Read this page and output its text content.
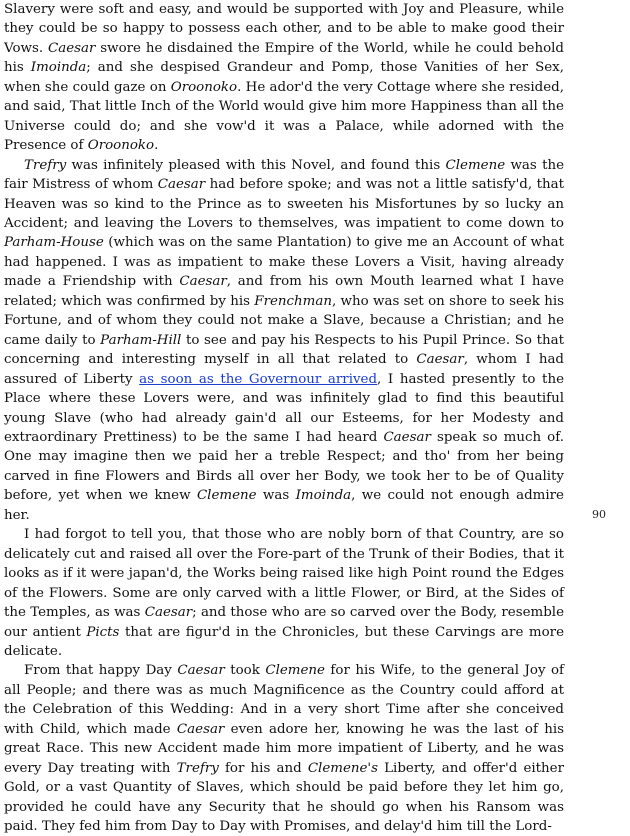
Slavery were soft and easy, and would be supported with Joy and Pleasure, while they could be so happy to possess each other, and to be able to make good their Vows. Caesar swore he disdained the Empire of the World, while he could behold his Imoinda; and she despised Grandeur and Pomp, those Vanities of her Sex, when she could gaze on Oroonoko. He ador'd the very Cottage where she resided, and said, That little Inch of the World would give him more Happiness than all the Universe could do; and she vow'd it was a Palace, while adorned with the Presence of Oroonoko.

Trefry was infinitely pleased with this Novel, and found this Clemene was the fair Mistress of whom Caesar had before spoke; and was not a little satisfy'd, that Heaven was so kind to the Prince as to sweeten his Misfortunes by so lucky an Accident; and leaving the Lovers to themselves, was impatient to come down to Parham-House (which was on the same Plantation) to give me an Account of what had happened. I was as impatient to make these Lovers a Visit, having already made a Friendship with Caesar, and from his own Mouth learned what I have related; which was confirmed by his Frenchman, who was set on shore to seek his Fortune, and of whom they could not make a Slave, because a Christian; and he came daily to Parham-Hill to see and pay his Respects to his Pupil Prince. So that concerning and interesting myself in all that related to Caesar, whom I had assured of Liberty as soon as the Governour arrived, I hasted presently to the Place where these Lovers were, and was infinitely glad to find this beautiful young Slave (who had already gain'd all our Esteems, for her Modesty and extraordinary Prettiness) to be the same I had heard Caesar speak so much of. One may imagine then we paid her a treble Respect; and tho' from her being carved in fine Flowers and Birds all over her Body, we took her to be of Quality before, yet when we knew Clemene was Imoinda, we could not enough admire her.

I had forgot to tell you, that those who are nobly born of that Country, are so delicately cut and raised all over the Fore-part of the Trunk of their Bodies, that it looks as if it were japan'd, the Works being raised like high Point round the Edges of the Flowers. Some are only carved with a little Flower, or Bird, at the Sides of the Temples, as was Caesar; and those who are so carved over the Body, resemble our antient Picts that are figur'd in the Chronicles, but these Carvings are more delicate.

From that happy Day Caesar took Clemene for his Wife, to the general Joy of all People; and there was as much Magnificence as the Country could afford at the Celebration of this Wedding: And in a very short Time after she conceived with Child, which made Caesar even adore her, knowing he was the last of his great Race. This new Accident made him more impatient of Liberty, and he was every Day treating with Trefry for his and Clemene's Liberty, and offer'd either Gold, or a vast Quantity of Slaves, which should be paid before they let him go, provided he could have any Security that he should go when his Ransom was paid. They fed him from Day to Day with Promises, and delay'd him till the Lord-

90
